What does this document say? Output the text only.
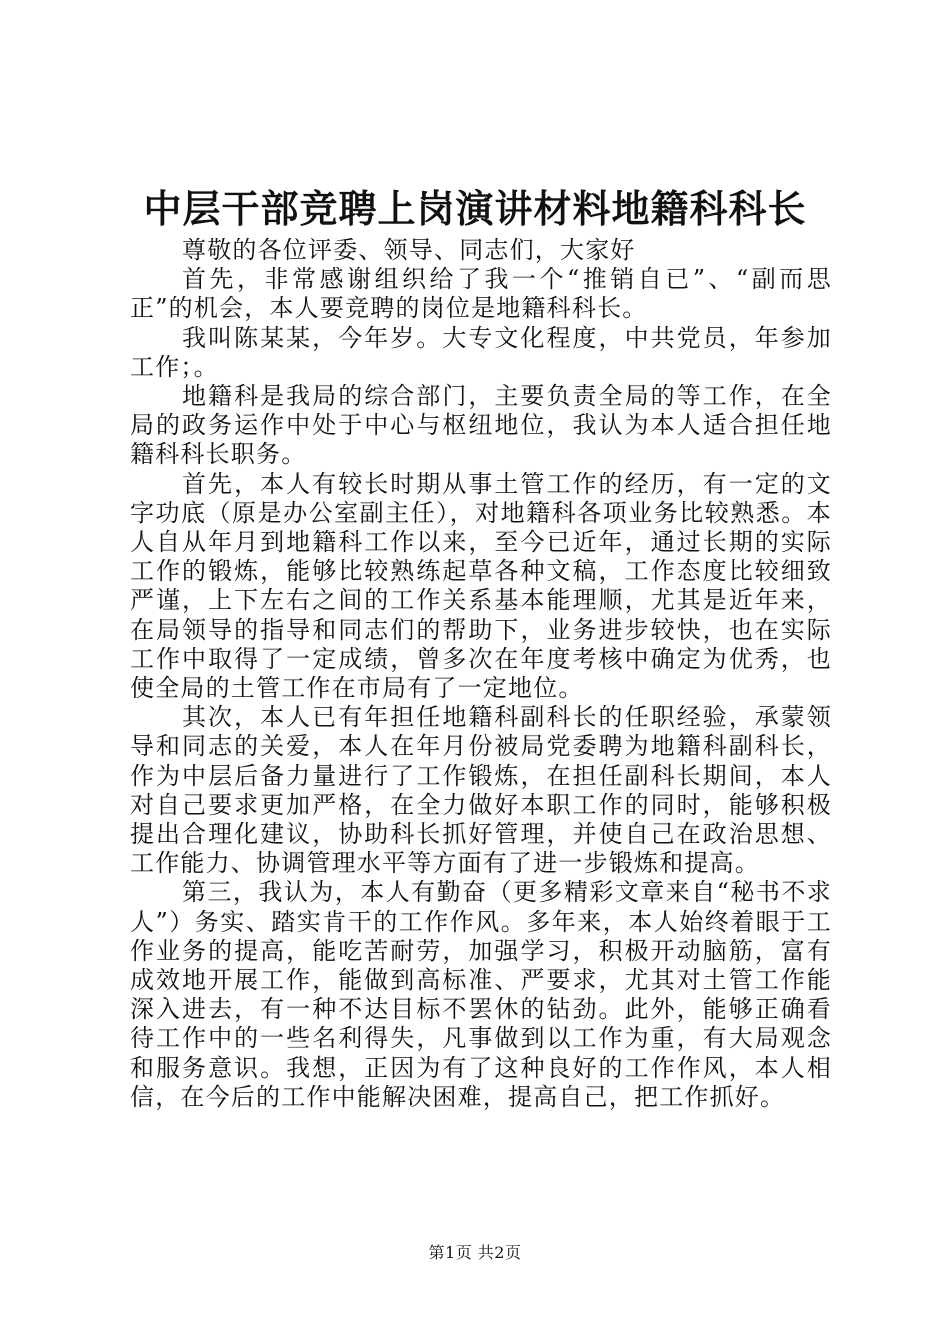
中层干部竞聘上岗演讲材料地籍科科长

尊敬的各位评委、领导、同志们，大家好

首先，非常感谢组织给了我一个“推销自已”、“副而思正”的机会，本人要竞聘的岗位是地籍科科长。

我叫陈某某，今年岁。大专文化程度，中共党员，年参加工作；。

地籍科是我局的综合部门，主要负责全局的等工作，在全局的政务运作中处于中心与枢纽地位，我认为本人适合担任地籍科科长职务。

首先，本人有较长时期从事土管工作的经历，有一定的文字功底（原是办公室副主任），对地籍科各项业务比较熟悉。本人自从年月到地籍科工作以来，至今已近年，通过长期的实际工作的锻炼，能够比较熟练起草各种文稿，工作态度比较细致严谨，上下左右之间的工作关系基本能理顺，尤其是近年来，在局领导的指导和同志们的帮助下，业务进步较快，也在实际工作中取得了一定成绩，曾多次在年度考核中确定为优秀，也使全局的土管工作在市局有了一定地位。

其次，本人已有年担任地籍科副科长的任职经验，承蒙领导和同志的关爱，本人在年月份被局党委聘为地籍科副科长，作为中层后备力量进行了工作锻炼，在担任副科长期间，本人对自己要求更加严格，在全力做好本职工作的同时，能够积极提出合理化建议，协助科长抓好管理，并使自己在政治思想、工作能力、协调管理水平等方面有了进一步锻炼和提高。

第三，我认为，本人有勤奋（更多精彩文章来自“秘书不求人”）务实、踏实肯干的工作作风。多年来，本人始终着眼于工作业务的提高，能吃苦耐劳，加强学习，积极开动脑筋，富有成效地开展工作，能做到高标准、严要求，尤其对土管工作能深入进去，有一种不达目标不罢休的钻劲。此外，能够正确看待工作中的一些名利得失，凡事做到以工作为重，有大局观念和服务意识。我想，正因为有了这种良好的工作作风，本人相信，在今后的工作中能解决困难，提高自己，把工作抓好。

第1页 共2页
